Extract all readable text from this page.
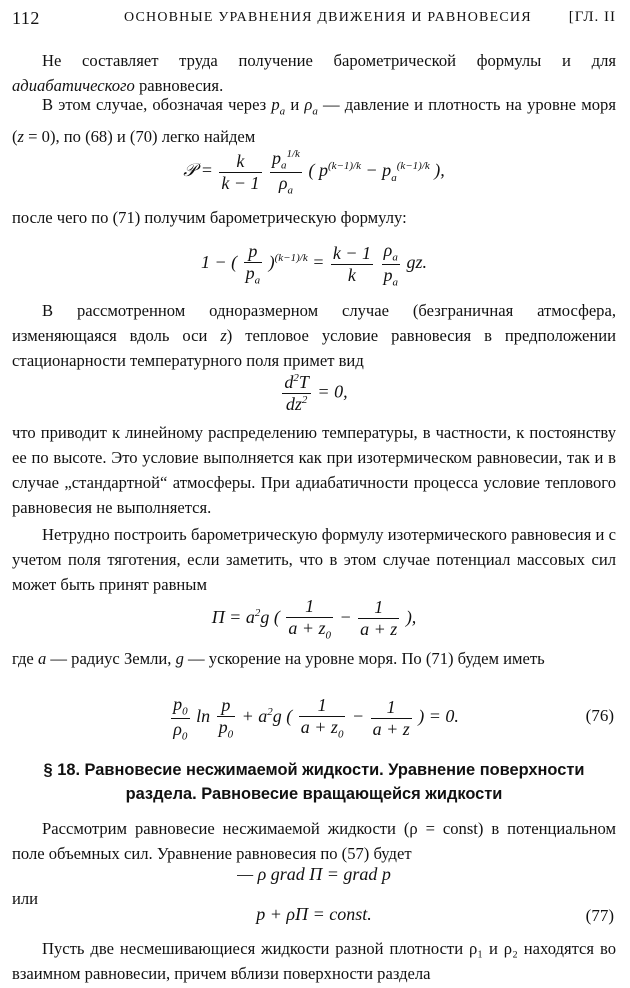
112	ОСНОВНЫЕ УРАВНЕНИЯ ДВИЖЕНИЯ И РАВНОВЕСИЯ [ГЛ. II

Не составляет труда получение барометрической формулы и для адиабатического равновесия.

В этом случае, обозначая через $p_a$ и $\rho_a$ — давление и плотность на уровне моря (z = 0), по (68) и (70) легко найдем

𝒫 = $\frac{k}{k - 1}$
$\frac{p_a^{1/k}}{\rho_a}$ ( $p^{(k-1)/k} - p_a^{(k-1)/k}$ ),

после чего по (71) получим барометрическую формулу:

1 − ( $\frac{p}{p_a} )^{(k-1)/k} = \frac{k - 1}{k}$
$\frac{\rho_a}{p_a}$ gz.

В рассмотренном одноразмерном случае (безграничная атмосфера, изменяющаяся вдоль оси z) тепловое условие равновесия в предположении стационарности температурного поля примет вид

$\frac{d^2T}{dz^2} = 0$,

что приводит к линейному распределению температуры, в частности, к постоянству ее по высоте. Это условие выполняется как при изотермическом равновесии, так и в случае „стандартной“ атмосферы. При адиабатичности процесса условие теплового равновесия не выполняется.

Нетрудно построить барометрическую формулу изотермического равновесия и с учетом поля тяготения, если заметить, что в этом случае потенциал массовых сил может быть принят равным

$\Pi = a^2g$ ( $\frac{1}{a + z_0} - \frac{1}{a + z}$ ),

где a — радиус Земли, g — ускорение на уровне моря. По (71) будем иметь

$\frac{p_0}{\rho_0}$ $\ln \frac{p}{p_0} + a^2g$ ( $\frac{1}{a + z_0} - \frac{1}{a + z}$ ) = 0.	(76)
§ 18. Равновесие несжимаемой жидкости. Уравнение поверхности раздела. Равновесие вращающейся жидкости

Рассмотрим равновесие несжимаемой жидкости (ρ = const) в потенциальном поле объемных сил. Уравнение равновесия по (57) будет

— ρ grad Π = grad p

или

p + ρΠ = const.	(77)

Пусть две несмешивающиеся жидкости разной плотности ρ₁ и ρ₂ находятся во взаимном равновесии, причем вблизи поверхности раздела
